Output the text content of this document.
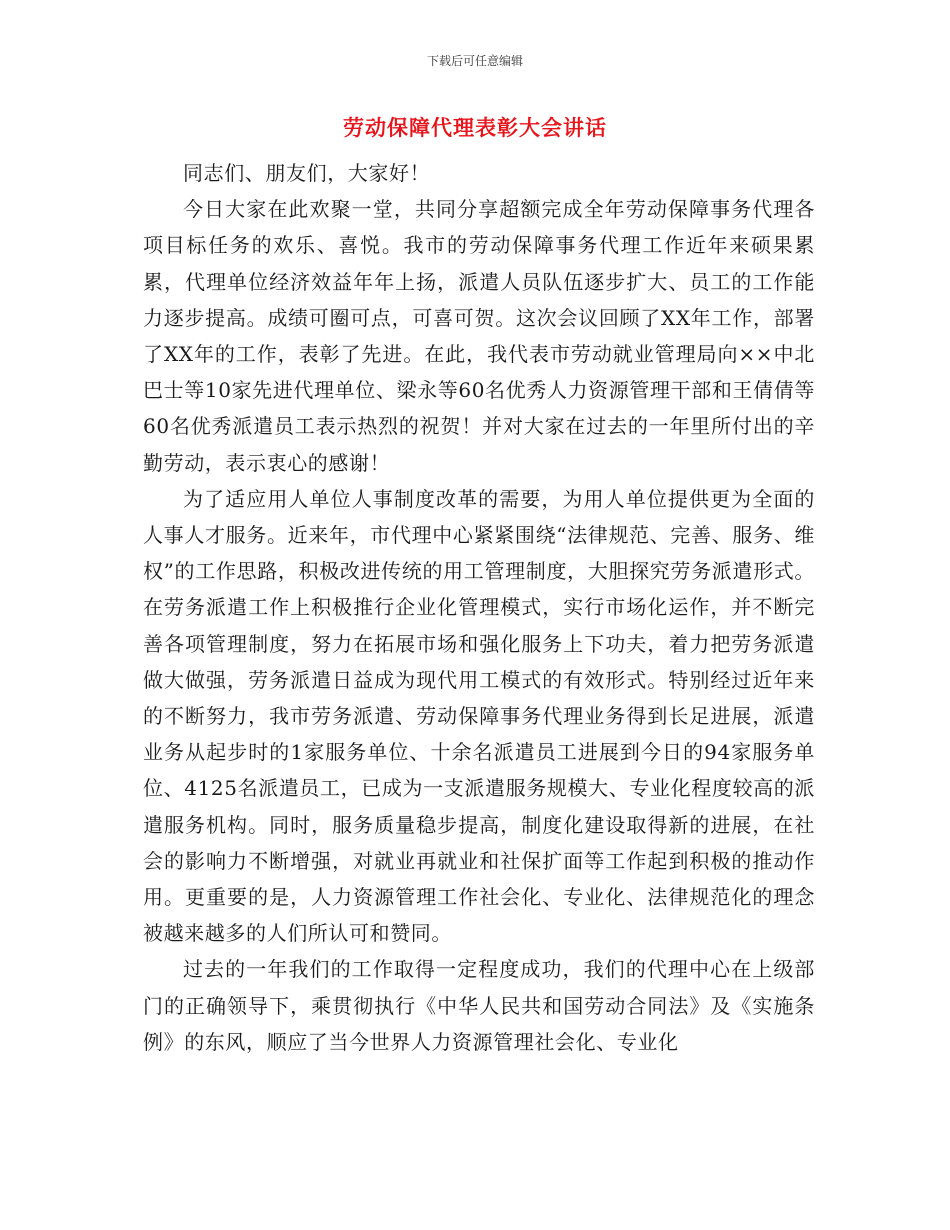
下载后可任意编辑
劳动保障代理表彰大会讲话

同志们、朋友们，大家好！

今日大家在此欢聚一堂，共同分享超额完成全年劳动保障事务代理各项目标任务的欢乐、喜悦。我市的劳动保障事务代理工作近年来硕果累累，代理单位经济效益年年上扬，派遣人员队伍逐步扩大、员工的工作能力逐步提高。成绩可圈可点，可喜可贺。这次会议回顾了XX年工作，部署了XX年的工作，表彰了先进。在此，我代表市劳动就业管理局向××中北巴士等10家先进代理单位、梁永等60名优秀人力资源管理干部和王倩倩等60名优秀派遣员工表示热烈的祝贺！并对大家在过去的一年里所付出的辛勤劳动，表示衷心的感谢！

为了适应用人单位人事制度改革的需要，为用人单位提供更为全面的人事人才服务。近来年，市代理中心紧紧围绕“法律规范、完善、服务、维权”的工作思路，积极改进传统的用工管理制度，大胆探究劳务派遣形式。在劳务派遣工作上积极推行企业化管理模式，实行市场化运作，并不断完善各项管理制度，努力在拓展市场和强化服务上下功夫，着力把劳务派遣做大做强，劳务派遣日益成为现代用工模式的有效形式。特别经过近年来的不断努力，我市劳务派遣、劳动保障事务代理业务得到长足进展，派遣业务从起步时的1家服务单位、十余名派遣员工进展到今日的94家服务单位、4125名派遣员工，已成为一支派遣服务规模大、专业化程度较高的派遣服务机构。同时，服务质量稳步提高，制度化建设取得新的进展，在社会的影响力不断增强，对就业再就业和社保扩面等工作起到积极的推动作用。更重要的是，人力资源管理工作社会化、专业化、法律规范化的理念被越来越多的人们所认可和赞同。

过去的一年我们的工作取得一定程度成功，我们的代理中心在上级部门的正确领导下，乘贯彻执行《中华人民共和国劳动合同法》及《实施条例》的东风，顺应了当今世界人力资源管理社会化、专业化
